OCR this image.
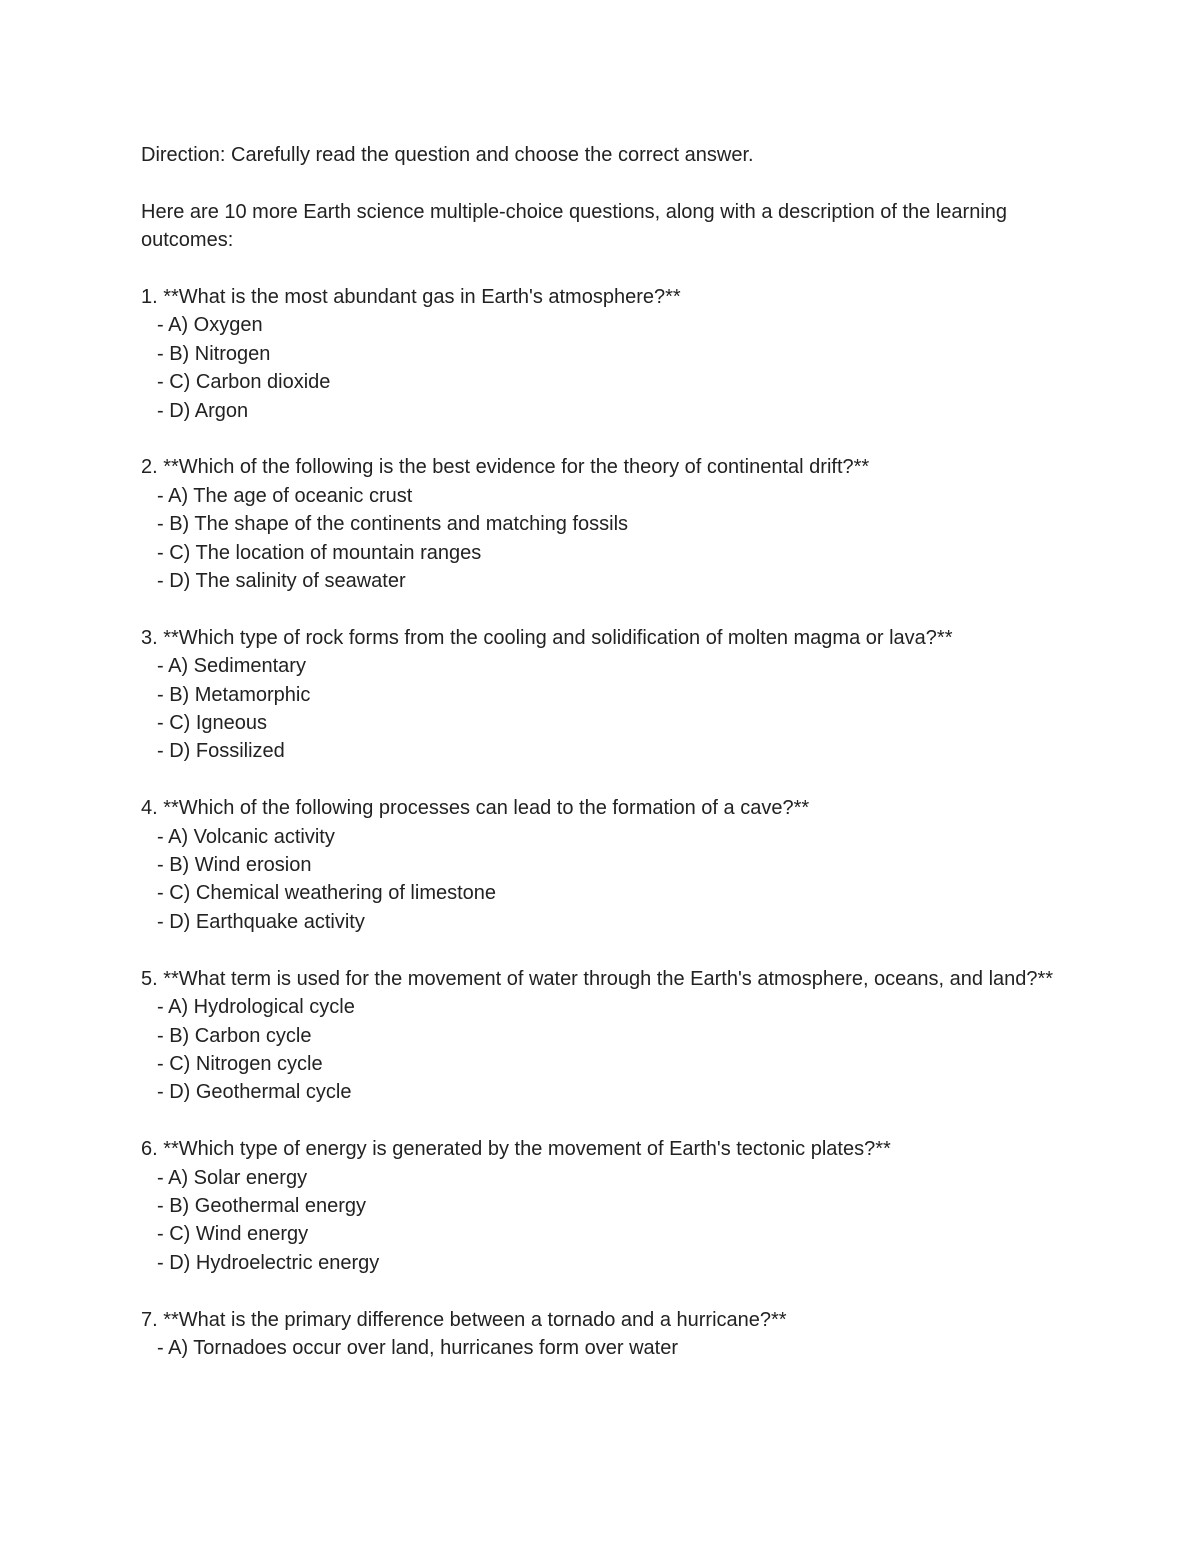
Direction: Carefully read the question and choose the correct answer.

Here are 10 more Earth science multiple-choice questions, along with a description of the learning outcomes:

1. **What is the most abundant gas in Earth's atmosphere?**
- A) Oxygen
- B) Nitrogen
- C) Carbon dioxide
- D) Argon
2. **Which of the following is the best evidence for the theory of continental drift?**
- A) The age of oceanic crust
- B) The shape of the continents and matching fossils
- C) The location of mountain ranges
- D) The salinity of seawater
3. **Which type of rock forms from the cooling and solidification of molten magma or lava?**
- A) Sedimentary
- B) Metamorphic
- C) Igneous
- D) Fossilized
4. **Which of the following processes can lead to the formation of a cave?**
- A) Volcanic activity
- B) Wind erosion
- C) Chemical weathering of limestone
- D) Earthquake activity
5. **What term is used for the movement of water through the Earth's atmosphere, oceans, and land?**
- A) Hydrological cycle
- B) Carbon cycle
- C) Nitrogen cycle
- D) Geothermal cycle
6. **Which type of energy is generated by the movement of Earth's tectonic plates?**
- A) Solar energy
- B) Geothermal energy
- C) Wind energy
- D) Hydroelectric energy
7. **What is the primary difference between a tornado and a hurricane?**
- A) Tornadoes occur over land, hurricanes form over water
